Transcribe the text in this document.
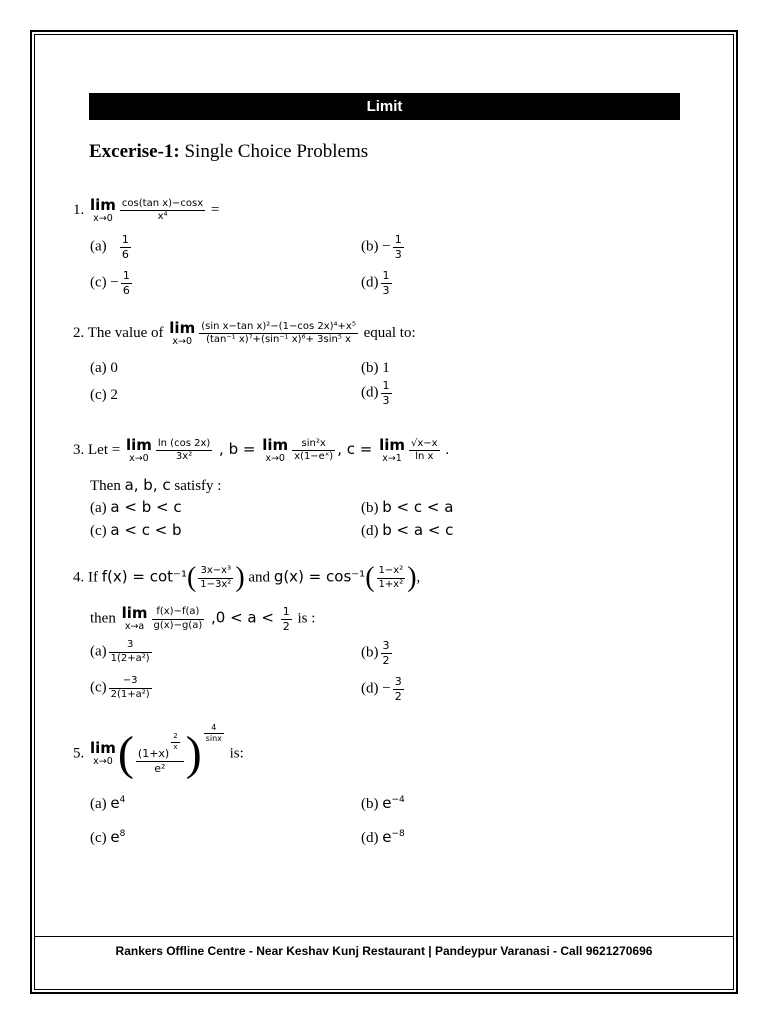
Limit
Excerise-1: Single Choice Problems
1. lim
$x\to 0 \frac{\text{cos(tan x)−cosx}}{\text{x⁴}}$ =
$(a) \frac{1}{6}$	$(b) - \frac{1}{3}$
$(c) - \frac{1}{6}$	$(d) \frac{1}{3}$
2. The value of lim
$x\to 0 \frac{\text{(sin x−tan x)²−(1−cos 2x)⁴+x⁵}}{\text{(tan⁻¹ x)⁷+(sin⁻¹ x)⁶+ 3sin⁵ x}}$ equal to:
(a) 0	(b) 1
(c) 2	$(d) \frac{1}{3}$
3. Let = lim
$x\to 0 \frac{\ln (\cos 2x)}{\text{3x²}}$ , b = lim
$x\to 0 \frac{\text{sin²x}}{\text{x(1−eˣ)}}$ , c = lim
$x\to 1 \frac{√x-x}{\text{ln x}}$ .
Then a, b, c satisfy :
(a) a < b < c	(b) b < c < a
(c) a < c < b	(d) b < a < c
4. If $f(x) = \cot^{-1}( \frac{\text{3x−x³}}{\text{1−3x²}}$ ) and $g(x) = \cos^{-1}( \frac{\text{1−x²}}{\text{1+x²}}$ ),
then lim
$x\to a \frac{f(x)-f(a)}{g(x)-g(a)} ,0 < a < \frac{1}{2}$ is :
$(a) \frac{3}{\text{1(2+a²)}}$	$(b) \frac{3}{2}$
$(c) \frac{-3}{\text{2(1+a²)}}$	$(d) - \frac{3}{2}$
5. lim
x→0 ( (1+x)
$^{\frac{2}{x}}$
e² ) $\frac{4}{\sin x}$
is:
(a) $e^4$	(b) $e^{-4}$
(c) $e^8$	(d) $e^{-8}$
Rankers Offline Centre - Near Keshav Kunj Restaurant | Pandeypur Varanasi - Call 9621270696
